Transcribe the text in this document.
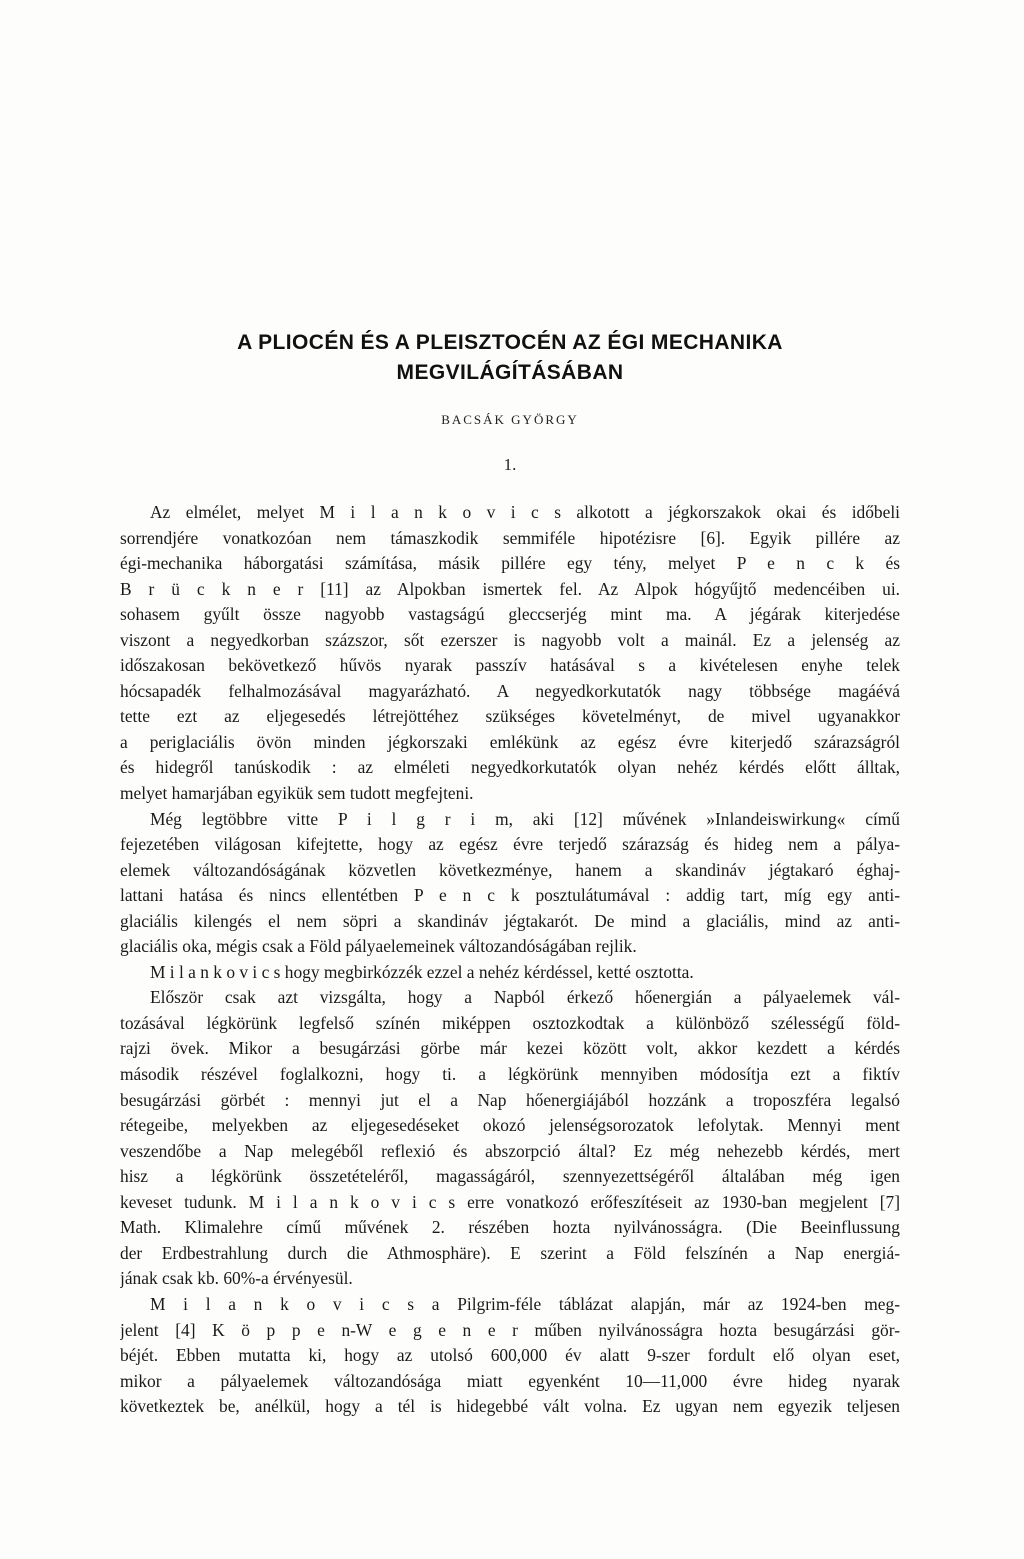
A PLIOCÉN ÉS A PLEISZTOCÉN AZ ÉGI MECHANIKA
MEGVILÁGÍTÁSÁBAN
BACSÁK GYÖRGY
1.
Az elmélet, melyet M i l a n k o v i c s alkotott a jégkorszakok okai és időbeli
sorrendjére vonatkozóan nem támaszkodik semmiféle hipotézisre [6]. Egyik pillére az
égi-mechanika háborgatási számítása, másik pillére egy tény, melyet P e n c k és
B r ü c k n e r [11] az Alpokban ismertek fel. Az Alpok hógyűjtő medencéiben ui.
sohasem gyűlt össze nagyobb vastagságú gleccserjég mint ma. A jégárak kiterjedése
viszont a negyedkorban százszor, sőt ezerszer is nagyobb volt a mainál. Ez a jelenség az
időszakosan bekövetkező hűvös nyarak passzív hatásával s a kivételesen enyhe telek
hócsapadék felhalmozásával magyarázható. A negyedkorkutatók nagy többsége magáévá
tette ezt az eljegesedés létrejöttéhez szükséges követelményt, de mivel ugyanakkor
a periglaciális övön minden jégkorszaki emlékünk az egész évre kiterjedő szárazságról
és hidegről tanúskodik : az elméleti negyedkorkutatók olyan nehéz kérdés előtt álltak,
melyet hamarjában egyikük sem tudott megfejteni.
Még legtöbbre vitte P i l g r i m, aki [12] művének »Inlandeiswirkung« című
fejezetében világosan kifejtette, hogy az egész évre terjedő szárazság és hideg nem a pálya-
elemek változandóságának közvetlen következménye, hanem a skandináv jégtakaró éghaj-
lattani hatása és nincs ellentétben P e n c k posztulátumával : addig tart, míg egy anti-
glaciális kilengés el nem söpri a skandináv jégtakarót. De mind a glaciális, mind az anti-
glaciális oka, mégis csak a Föld pályaelemeinek változandóságában rejlik.
M i l a n k o v i c s hogy megbirkózzék ezzel a nehéz kérdéssel, ketté osztotta.
Először csak azt vizsgálta, hogy a Napból érkező hőenergián a pályaelemek vál-
tozásával légkörünk legfelső színén miképpen osztozkodtak a különböző szélességű föld-
rajzi övek. Mikor a besugárzási görbe már kezei között volt, akkor kezdett a kérdés
második részével foglalkozni, hogy ti. a légkörünk mennyiben módosítja ezt a fiktív
besugárzási görbét : mennyi jut el a Nap hőenergiájából hozzánk a troposzféra legalsó
rétegeibe, melyekben az eljegesedéseket okozó jelenségsorozatok lefolytak. Mennyi ment
veszendőbe a Nap melegéből reflexió és abszorpció által? Ez még nehezebb kérdés, mert
hisz a légkörünk összetételéről, magasságáról, szennyezettségéről általában még igen
keveset tudunk. M i l a n k o v i c s erre vonatkozó erőfeszítéseit az 1930-ban megjelent [7]
Math. Klimalehre című művének 2. részében hozta nyilvánosságra. (Die Beeinflussung
der Erdbestrahlung durch die Athmosphäre). E szerint a Föld felszínén a Nap energiá-
jának csak kb. 60%-a érvényesül.
M i l a n k o v i c s a Pilgrim-féle táblázat alapján, már az 1924-ben meg-
jelent [4] K ö p p e n-W e g e n e r műben nyilvánosságra hozta besugárzási gör-
béjét. Ebben mutatta ki, hogy az utolsó 600,000 év alatt 9-szer fordult elő olyan eset,
mikor a pályaelemek változandósága miatt egyenként 10—11,000 évre hideg nyarak
következtek be, anélkül, hogy a tél is hidegebbé vált volna. Ez ugyan nem egyezik teljesen
